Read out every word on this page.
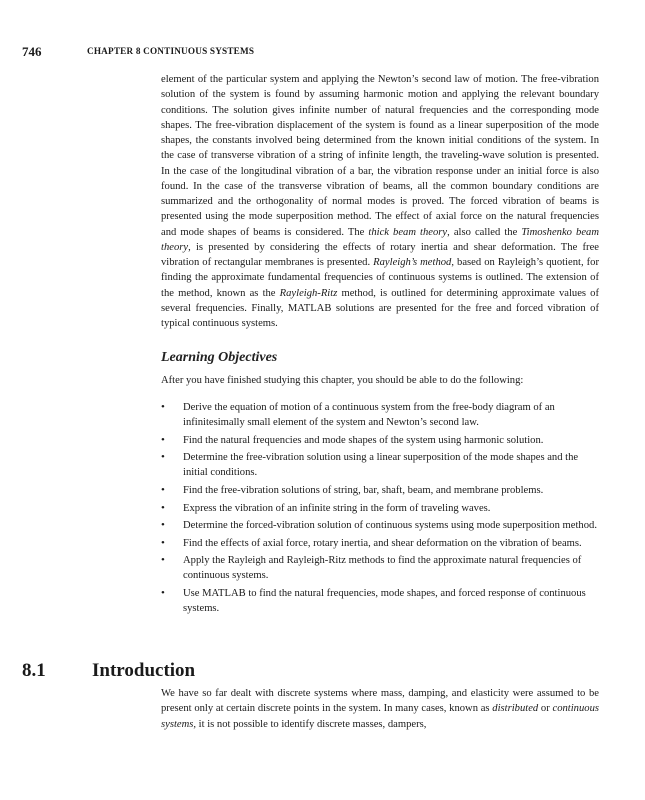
746	CHAPTER 8 CONTINUOUS SYSTEMS

element of the particular system and applying the Newton’s second law of motion. The free-vibration solution of the system is found by assuming harmonic motion and applying the relevant boundary conditions. The solution gives infinite number of natural frequencies and the corresponding mode shapes. The free-vibration displacement of the system is found as a linear superposition of the mode shapes, the constants involved being determined from the known initial conditions of the system. In the case of transverse vibration of a string of infinite length, the traveling-wave solution is presented. In the case of the longitudinal vibration of a bar, the vibration response under an initial force is also found. In the case of the transverse vibration of beams, all the common boundary conditions are summarized and the orthogonality of normal modes is proved. The forced vibration of beams is presented using the mode superposition method. The effect of axial force on the natural frequencies and mode shapes of beams is considered. The thick beam theory, also called the Timoshenko beam theory, is presented by considering the effects of rotary inertia and shear deformation. The free vibration of rectangular membranes is presented. Rayleigh’s method, based on Rayleigh’s quotient, for finding the approximate fundamental frequencies of continuous systems is outlined. The extension of the method, known as the Rayleigh-Ritz method, is outlined for determining approximate values of several frequencies. Finally, MATLAB solutions are presented for the free and forced vibration of typical continuous systems.

Learning Objectives
After you have finished studying this chapter, you should be able to do the following:
• Derive the equation of motion of a continuous system from the free-body diagram of an infinitesimally small element of the system and Newton’s second law.
• Find the natural frequencies and mode shapes of the system using harmonic solution.
• Determine the free-vibration solution using a linear superposition of the mode shapes and the initial conditions.
• Find the free-vibration solutions of string, bar, shaft, beam, and membrane problems.
• Express the vibration of an infinite string in the form of traveling waves.
• Determine the forced-vibration solution of continuous systems using mode superposition method.
• Find the effects of axial force, rotary inertia, and shear deformation on the vibration of beams.
• Apply the Rayleigh and Rayleigh-Ritz methods to find the approximate natural frequencies of continuous systems.
• Use MATLAB to find the natural frequencies, mode shapes, and forced response of continuous systems.
8.1 Introduction

We have so far dealt with discrete systems where mass, damping, and elasticity were assumed to be present only at certain discrete points in the system. In many cases, known as distributed or continuous systems, it is not possible to identify discrete masses, dampers,
